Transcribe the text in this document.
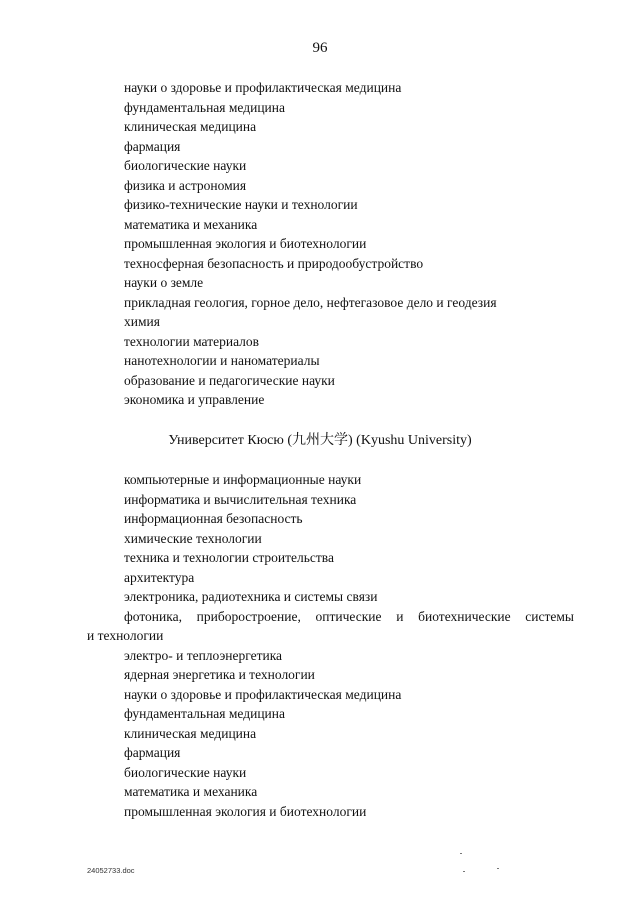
96
науки о здоровье и профилактическая медицина
фундаментальная медицина
клиническая медицина
фармация
биологические науки
физика и астрономия
физико-технические науки и технологии
математика и механика
промышленная экология и биотехнологии
техносферная безопасность и природообустройство
науки о земле
прикладная геология, горное дело, нефтегазовое дело и геодезия
химия
технологии материалов
нанотехнологии и наноматериалы
образование и педагогические науки
экономика и управление
Университет Кюсю (九州大学) (Kyushu University)
компьютерные и информационные науки
информатика и вычислительная техника
информационная безопасность
химические технологии
техника и технологии строительства
архитектура
электроника, радиотехника и системы связи
фотоника, приборостроение, оптические и биотехнические системы
и технологии
электро- и теплоэнергетика
ядерная энергетика и технологии
науки о здоровье и профилактическая медицина
фундаментальная медицина
клиническая медицина
фармация
биологические науки
математика и механика
промышленная экология и биотехнологии
24052733.doc
